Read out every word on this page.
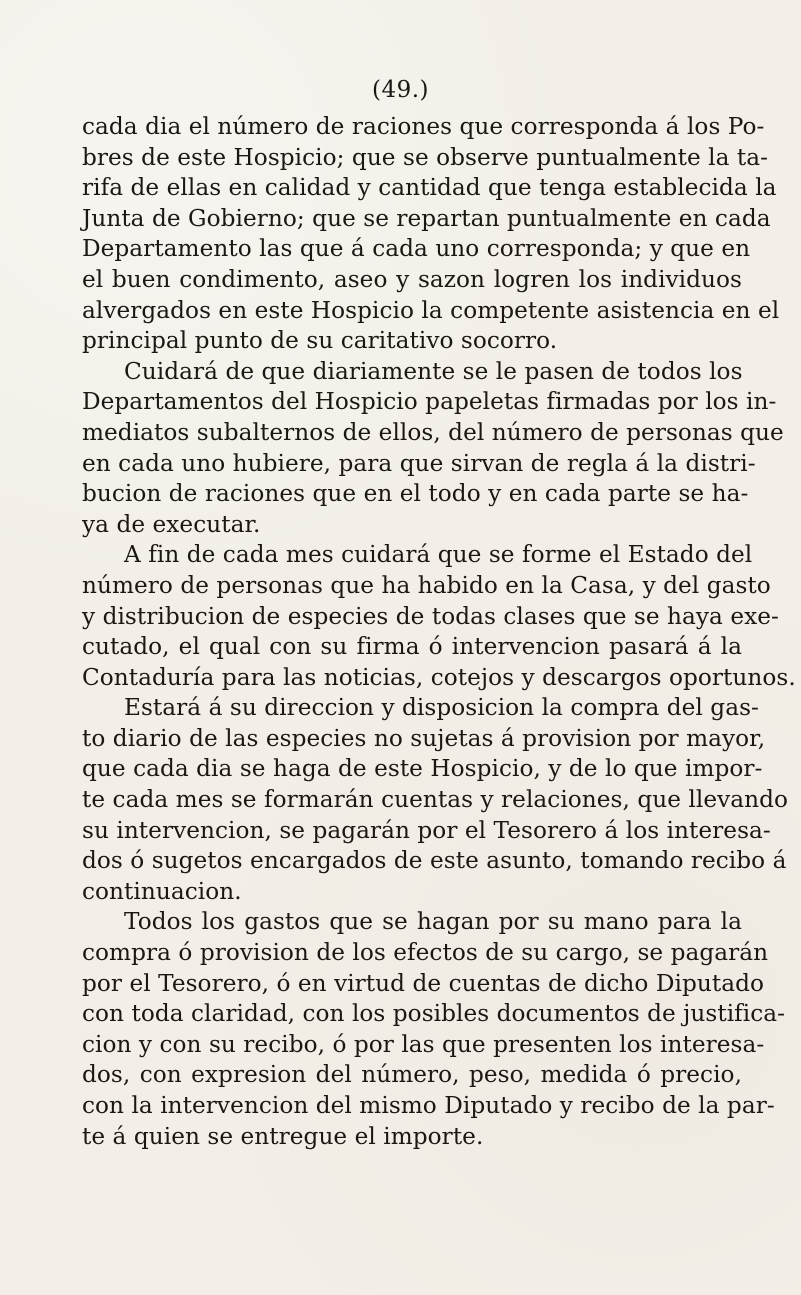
(49.)
cada dia el número de raciones que corresponda á los Po-
bres de este Hospicio; que se observe puntualmente la ta-
rifa de ellas en calidad y cantidad que tenga establecida la
Junta de Gobierno; que se repartan puntualmente en cada
Departamento las que á cada uno corresponda; y que en
el buen condimento, aseo y sazon logren los individuos
alvergados en este Hospicio la competente asistencia en el
principal punto de su caritativo socorro.
Cuidará de que diariamente se le pasen de todos los
Departamentos del Hospicio papeletas firmadas por los in-
mediatos subalternos de ellos, del número de personas que
en cada uno hubiere, para que sirvan de regla á la distri-
bucion de raciones que en el todo y en cada parte se ha-
ya de executar.
A fin de cada mes cuidará que se forme el Estado del
número de personas que ha habido en la Casa, y del gasto
y distribucion de especies de todas clases que se haya exe-
cutado, el qual con su firma ó intervencion pasará á la
Contaduría para las noticias, cotejos y descargos oportunos.
Estará á su direccion y disposicion la compra del gas-
to diario de las especies no sujetas á provision por mayor,
que cada dia se haga de este Hospicio, y de lo que impor-
te cada mes se formarán cuentas y relaciones, que llevando
su intervencion, se pagarán por el Tesorero á los interesa-
dos ó sugetos encargados de este asunto, tomando recibo á
continuacion.
Todos los gastos que se hagan por su mano para la
compra ó provision de los efectos de su cargo, se pagarán
por el Tesorero, ó en virtud de cuentas de dicho Diputado
con toda claridad, con los posibles documentos de justifica-
cion y con su recibo, ó por las que presenten los interesa-
dos, con expresion del número, peso, medida ó precio,
con la intervencion del mismo Diputado y recibo de la par-
te á quien se entregue el importe.
